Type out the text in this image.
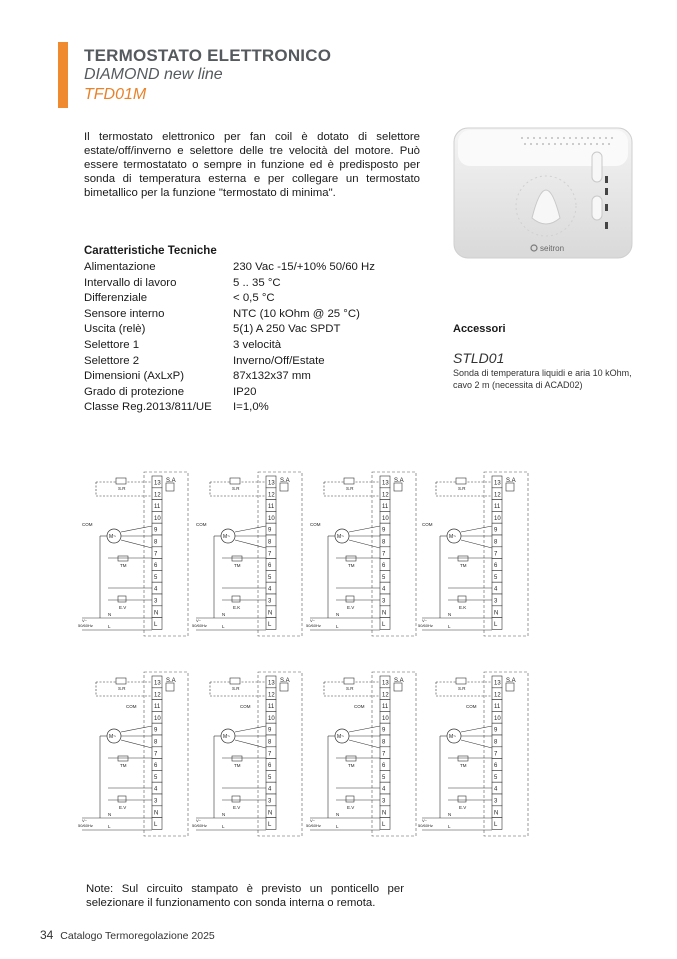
TERMOSTATO ELETTRONICO
DIAMOND new line
TFD01M
Il termostato elettronico per fan coil è dotato di selettore estate/off/inverno e selettore delle tre velocità del motore. Può essere termostatato o sempre in funzione ed è predisposto per sonda di temperatura esterna e per collegare un termostato bimetallico per la funzione "termostato di minima".
seitron
Caratteristiche Tecniche
Alimentazione	230 Vac -15/+10% 50/60 Hz
Intervallo di lavoro	5 .. 35 °C
Differenziale	< 0,5 °C
Sensore interno	NTC (10 kOhm @ 25 °C)
Uscita (relè)	5(1) A 250 Vac SPDT
Selettore 1	3 velocità
Selettore 2	Inverno/Off/Estate
Dimensioni (AxLxP)	87x132x37 mm
Grado di protezione	IP20
Classe Reg.2013/811/UE I=1,0%
Accessori
STLD01
Sonda di temperatura liquidi e aria 10 kOhm, cavo 2 m (necessita di ACAD02)
13
12
11
10
9
8
7
6
5
4
3
N
L
S.A
S.R
COM
M~
TM
E.V
N
L
V~
50/60Hz
13
12
11
10
9
8
7
6
5
4
3
N
L
S.A
S.R
COM
M~
TM
E.K
N
L
V~
50/60Hz
13
12
11
10
9
8
7
6
5
4
3
N
L
S.A
S.R
COM
M~
TM
E.V
N
L
V~
50/60Hz
13
12
11
10
9
8
7
6
5
4
3
N
L
S.A
S.R
COM
M~
TM
E.K
N
L
V~
50/60Hz
13
12
11
10
9
8
7
6
5
4
3
N
L
S.A
S.R
COM
M~
TM
E.V
N
L
V~
50/60Hz
13
12
11
10
9
8
7
6
5
4
3
N
L
S.A
S.R
COM
M~
TM
E.V
N
L
V~
50/60Hz
13
12
11
10
9
8
7
6
5
4
3
N
L
S.A
S.R
COM
M~
TM
E.V
N
L
V~
50/60Hz
13
12
11
10
9
8
7
6
5
4
3
N
L
S.A
S.R
COM
M~
TM
E.V
N
L
V~
50/60Hz
Note: Sul circuito stampato è previsto un ponticello per selezionare il funzionamento con sonda interna o remota.
34 Catalogo Termoregolazione 2025
